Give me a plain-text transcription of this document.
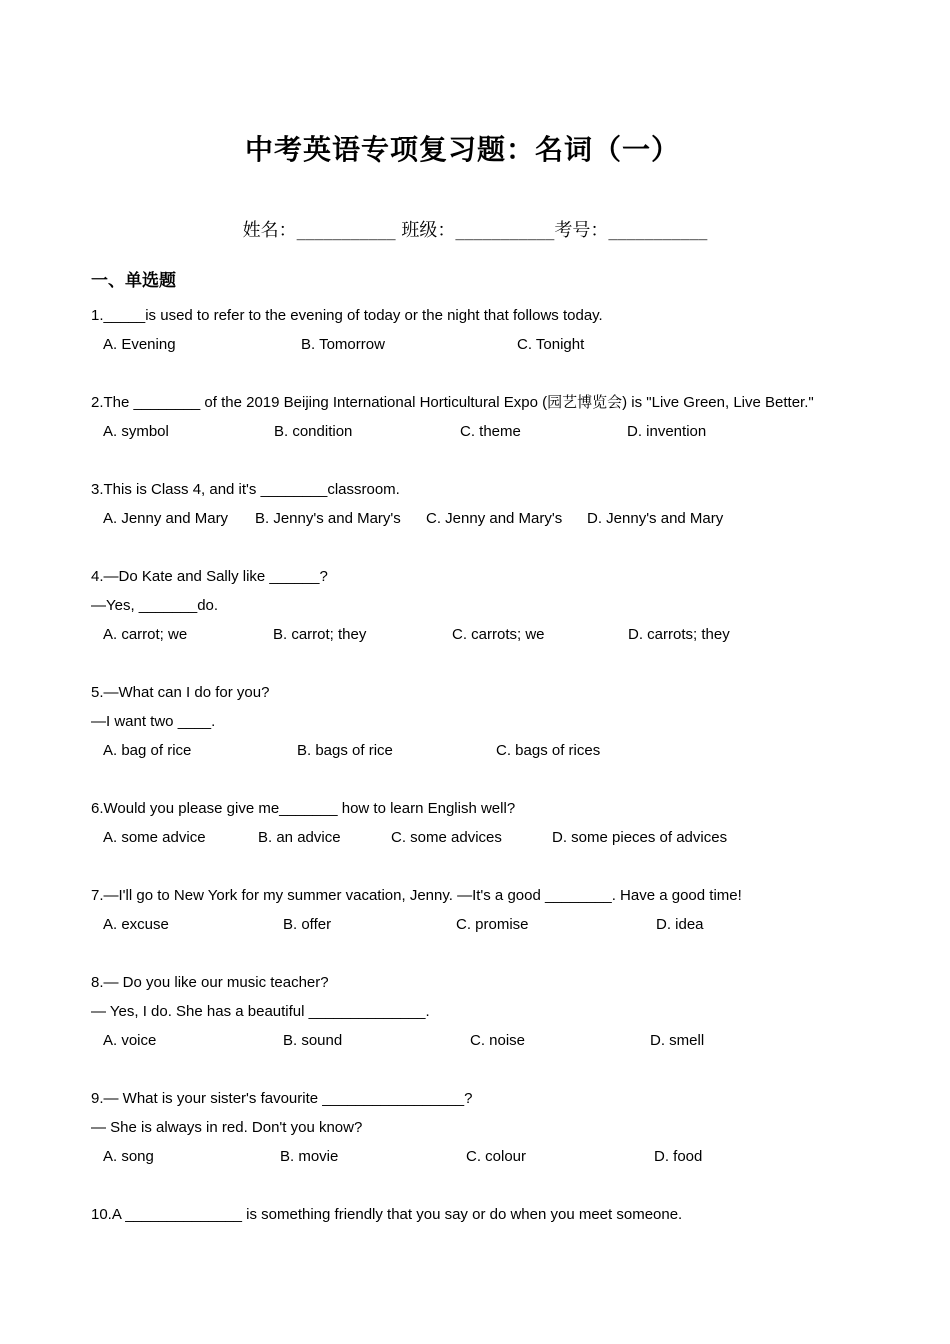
中考英语专项复习题：名词（一）
姓名：___________ 班级：___________考号：___________
一、单选题
1._____is used to refer to the evening of today or the night that follows today.
A. Evening	B. Tomorrow	C. Tonight
2.The ________ of the 2019 Beijing International Horticultural Expo (园艺博览会) is "Live Green, Live Better."
A. symbol	B. condition	C. theme	D. invention
3.This is Class 4, and it's ________classroom.
A. Jenny and Mary B. Jenny's and Mary's C. Jenny and Mary's D. Jenny's and Mary
4.—Do Kate and Sally like ______?
—Yes, _______do.
A. carrot; we	B. carrot; they	C. carrots; we	D. carrots; they
5.—What can I do for you?
—I want two ____.
A. bag of rice	B. bags of rice	C. bags of rices
6.Would you please give me_______ how to learn English well?
A. some advice	B. an advice	C. some advices	D. some pieces of advices
7.—I'll go to New York for my summer vacation, Jenny. —It's a good ________. Have a good time!
A. excuse	B. offer	C. promise	D. idea
8.— Do you like our music teacher?
— Yes, I do. She has a beautiful ______________.
A. voice	B. sound	C. noise	D. smell
9.— What is your sister's favourite _________________?
— She is always in red. Don't you know?
A. song	B. movie	C. colour	D. food
10.A ______________ is something friendly that you say or do when you meet someone.
